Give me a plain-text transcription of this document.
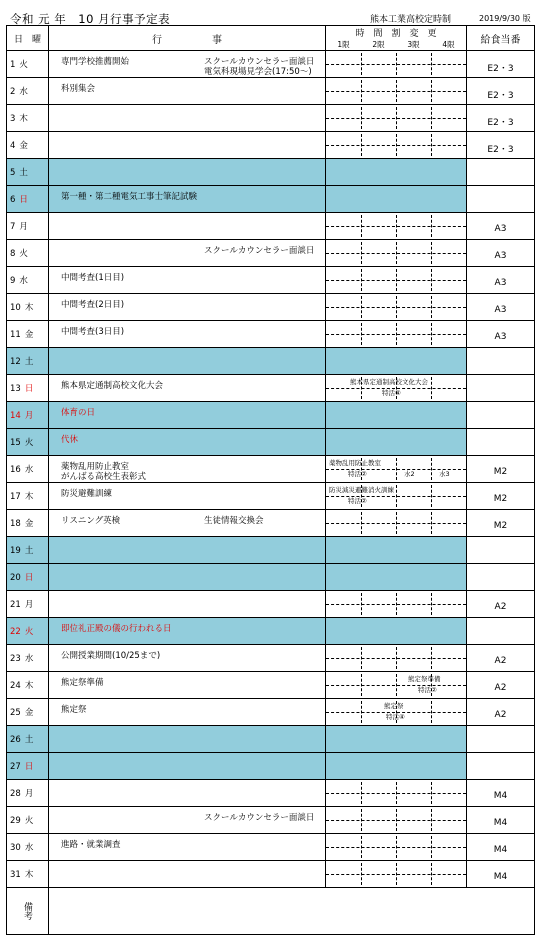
令和 元 年　10 月行事予定表	熊本工業高校定時制	2019/9/30 版
日　曜	行　　　　　事	時　間　割　変　更	給食当番

		1限 2限 3限 4限	

1 火	専門学校推薦開始 スクールカウンセラー面談日
電気科現場見学会(17:50～)		E2・3
2 水	科別集会		E2・3
3 木			E2・3
4 金			E2・3
5 土	

6 日	第一種・第二種電気工事士筆記試験		

7 月			A3
8 火	スクールカウンセラー面談日		A3
9 水	中間考査(1日目)		A3
10 木	中間考査(2日目)		A3
11 金	中間考査(3日目)		A3
12 土	

13 日	熊本県定通制高校文化大会	熊本県定通制高校文化大会
特活④	

14 月	体育の日		

15 火	代休		

16 水	薬物乱用防止教室
がんばる高校生表彰式	薬物乱用防止教室
特活② 水2 水3	M2
17 木	防災避難訓練	防災減災避難消火訓練
特活②	M2
18 金	リスニング英検 生徒情報交換会		M2
19 土	

20 日	

21 月			A2
22 火	即位礼正殿の儀の行われる日		

23 水	公開授業期間(10/25まで)		A2
24 木	熊定祭準備	熊定祭準備
特活②	A2
25 金	熊定祭	熊定祭
特活④	A2
26 土	

27 日	

28 月			M4
29 火	スクールカウンセラー面談日		M4
30 水	進路・就業調査		M4
31 木			M4
備考			
